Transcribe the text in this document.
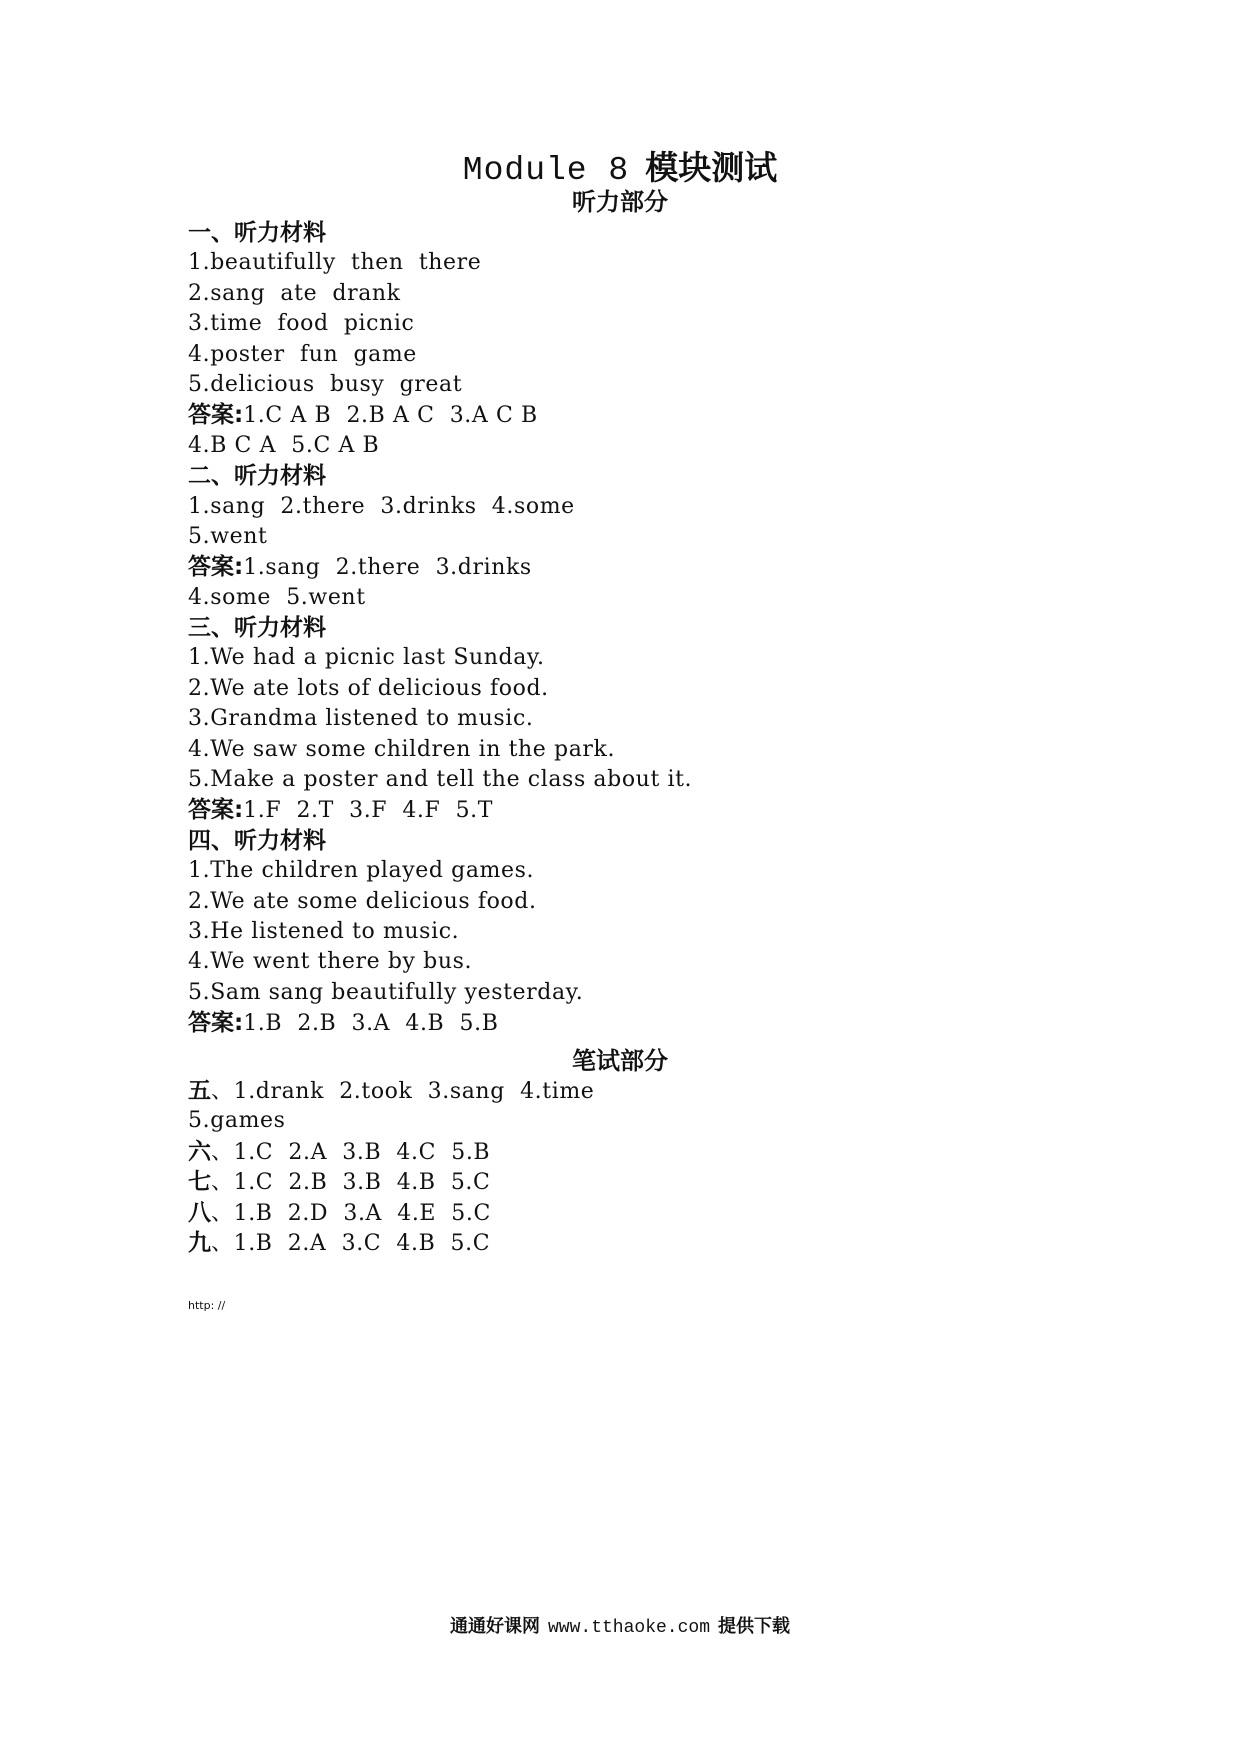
Module 8 模块测试
听力部分
一、听力材料
1.beautifully  then  there
2.sang  ate  drank
3.time  food  picnic
4.poster  fun  game
5.delicious  busy  great
答案:1.C A B  2.B A C  3.A C B
4.B C A  5.C A B
二、听力材料
1.sang  2.there  3.drinks  4.some
5.went
答案:1.sang  2.there  3.drinks
4.some  5.went
三、听力材料
1.We had a picnic last Sunday.
2.We ate lots of delicious food.
3.Grandma listened to music.
4.We saw some children in the park.
5.Make a poster and tell the class about it.
答案:1.F  2.T  3.F  4.F  5.T
四、听力材料
1.The children played games.
2.We ate some delicious food.
3.He listened to music.
4.We went there by bus.
5.Sam sang beautifully yesterday.
答案:1.B  2.B  3.A  4.B  5.B
笔试部分
五、1.drank  2.took  3.sang  4.time
5.games
六、1.C  2.A  3.B  4.C  5.B
七、1.C  2.B  3.B  4.B  5.C
八、1.B  2.D  3.A  4.E  5.C
九、1.B  2.A  3.C  4.B  5.C
http: //
通通好课网 www.tthaoke.com 提供下载
